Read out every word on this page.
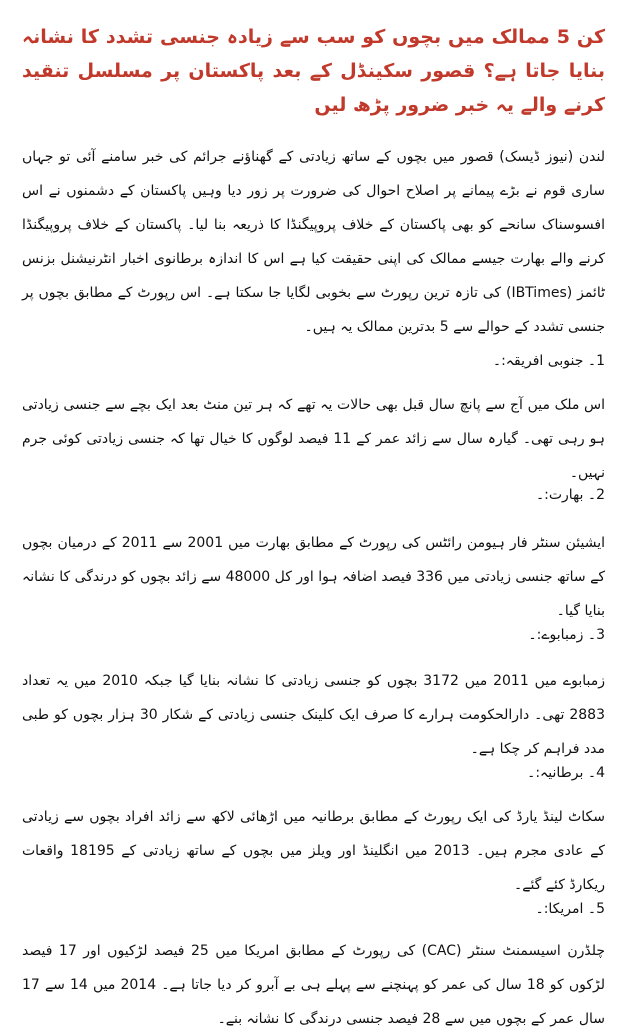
کن 5 ممالک میں بچوں کو سب سے زیادہ جنسی تشدد کا نشانہ بنایا جاتا ہے؟ قصور سکینڈل کے بعد پاکستان پر مسلسل تنقید کرنے والے یہ خبر ضرور پڑھ لیں

لندن (نیوز ڈیسک) قصور میں بچوں کے ساتھ زیادتی کے گھناؤنے جرائم کی خبر سامنے آئی تو جہاں ساری قوم نے بڑے پیمانے پر اصلاح احوال کی ضرورت پر زور دیا وہیں پاکستان کے دشمنوں نے اس افسوسناک سانحے کو بھی پاکستان کے خلاف پروپیگنڈا کا ذریعہ بنا لیا۔ پاکستان کے خلاف پروپیگنڈا کرنے والے بھارت جیسے ممالک کی اپنی حقیقت کیا ہے اس کا اندازہ برطانوی اخبار انٹرنیشنل بزنس ٹائمز (IBTimes) کی تازہ ترین رپورٹ سے بخوبی لگایا جا سکتا ہے۔ اس رپورٹ کے مطابق بچوں پر جنسی تشدد کے حوالے سے 5 بدترین ممالک یہ ہیں۔

1۔ جنوبی افریقہ:۔

اس ملک میں آج سے پانچ سال قبل بھی حالات یہ تھے کہ ہر تین منٹ بعد ایک بچے سے جنسی زیادتی ہو رہی تھی۔ گیارہ سال سے زائد عمر کے 11 فیصد لوگوں کا خیال تھا کہ جنسی زیادتی کوئی جرم نہیں۔

2۔ بھارت:۔

ایشیئن سنٹر فار ہیومن رائٹس کی رپورٹ کے مطابق بھارت میں 2001 سے 2011 کے درمیان بچوں کے ساتھ جنسی زیادتی میں 336 فیصد اضافہ ہوا اور کل 48000 سے زائد بچوں کو درندگی کا نشانہ بنایا گیا۔

3۔ زمبابوے:۔

زمبابوے میں 2011 میں 3172 بچوں کو جنسی زیادتی کا نشانہ بنایا گیا جبکہ 2010 میں یہ تعداد 2883 تھی۔ دارالحکومت ہرارے کا صرف ایک کلینک جنسی زیادتی کے شکار 30 ہزار بچوں کو طبی مدد فراہم کر چکا ہے۔

4۔ برطانیہ:۔

سکاٹ لینڈ یارڈ کی ایک رپورٹ کے مطابق برطانیہ میں اڑھائی لاکھ سے زائد افراد بچوں سے زیادتی کے عادی مجرم ہیں۔ 2013 میں انگلینڈ اور ویلز میں بچوں کے ساتھ زیادتی کے 18195 واقعات ریکارڈ کئے گئے۔

5۔ امریکا:۔

چلڈرن اسیسمنٹ سنٹر (CAC) کی رپورٹ کے مطابق امریکا میں 25 فیصد لڑکیوں اور 17 فیصد لڑکوں کو 18 سال کی عمر کو پہنچنے سے پہلے ہی بے آبرو کر دیا جاتا ہے۔ 2014 میں 14 سے 17 سال عمر کے بچوں میں سے 28 فیصد جنسی درندگی کا نشانہ بنے۔
